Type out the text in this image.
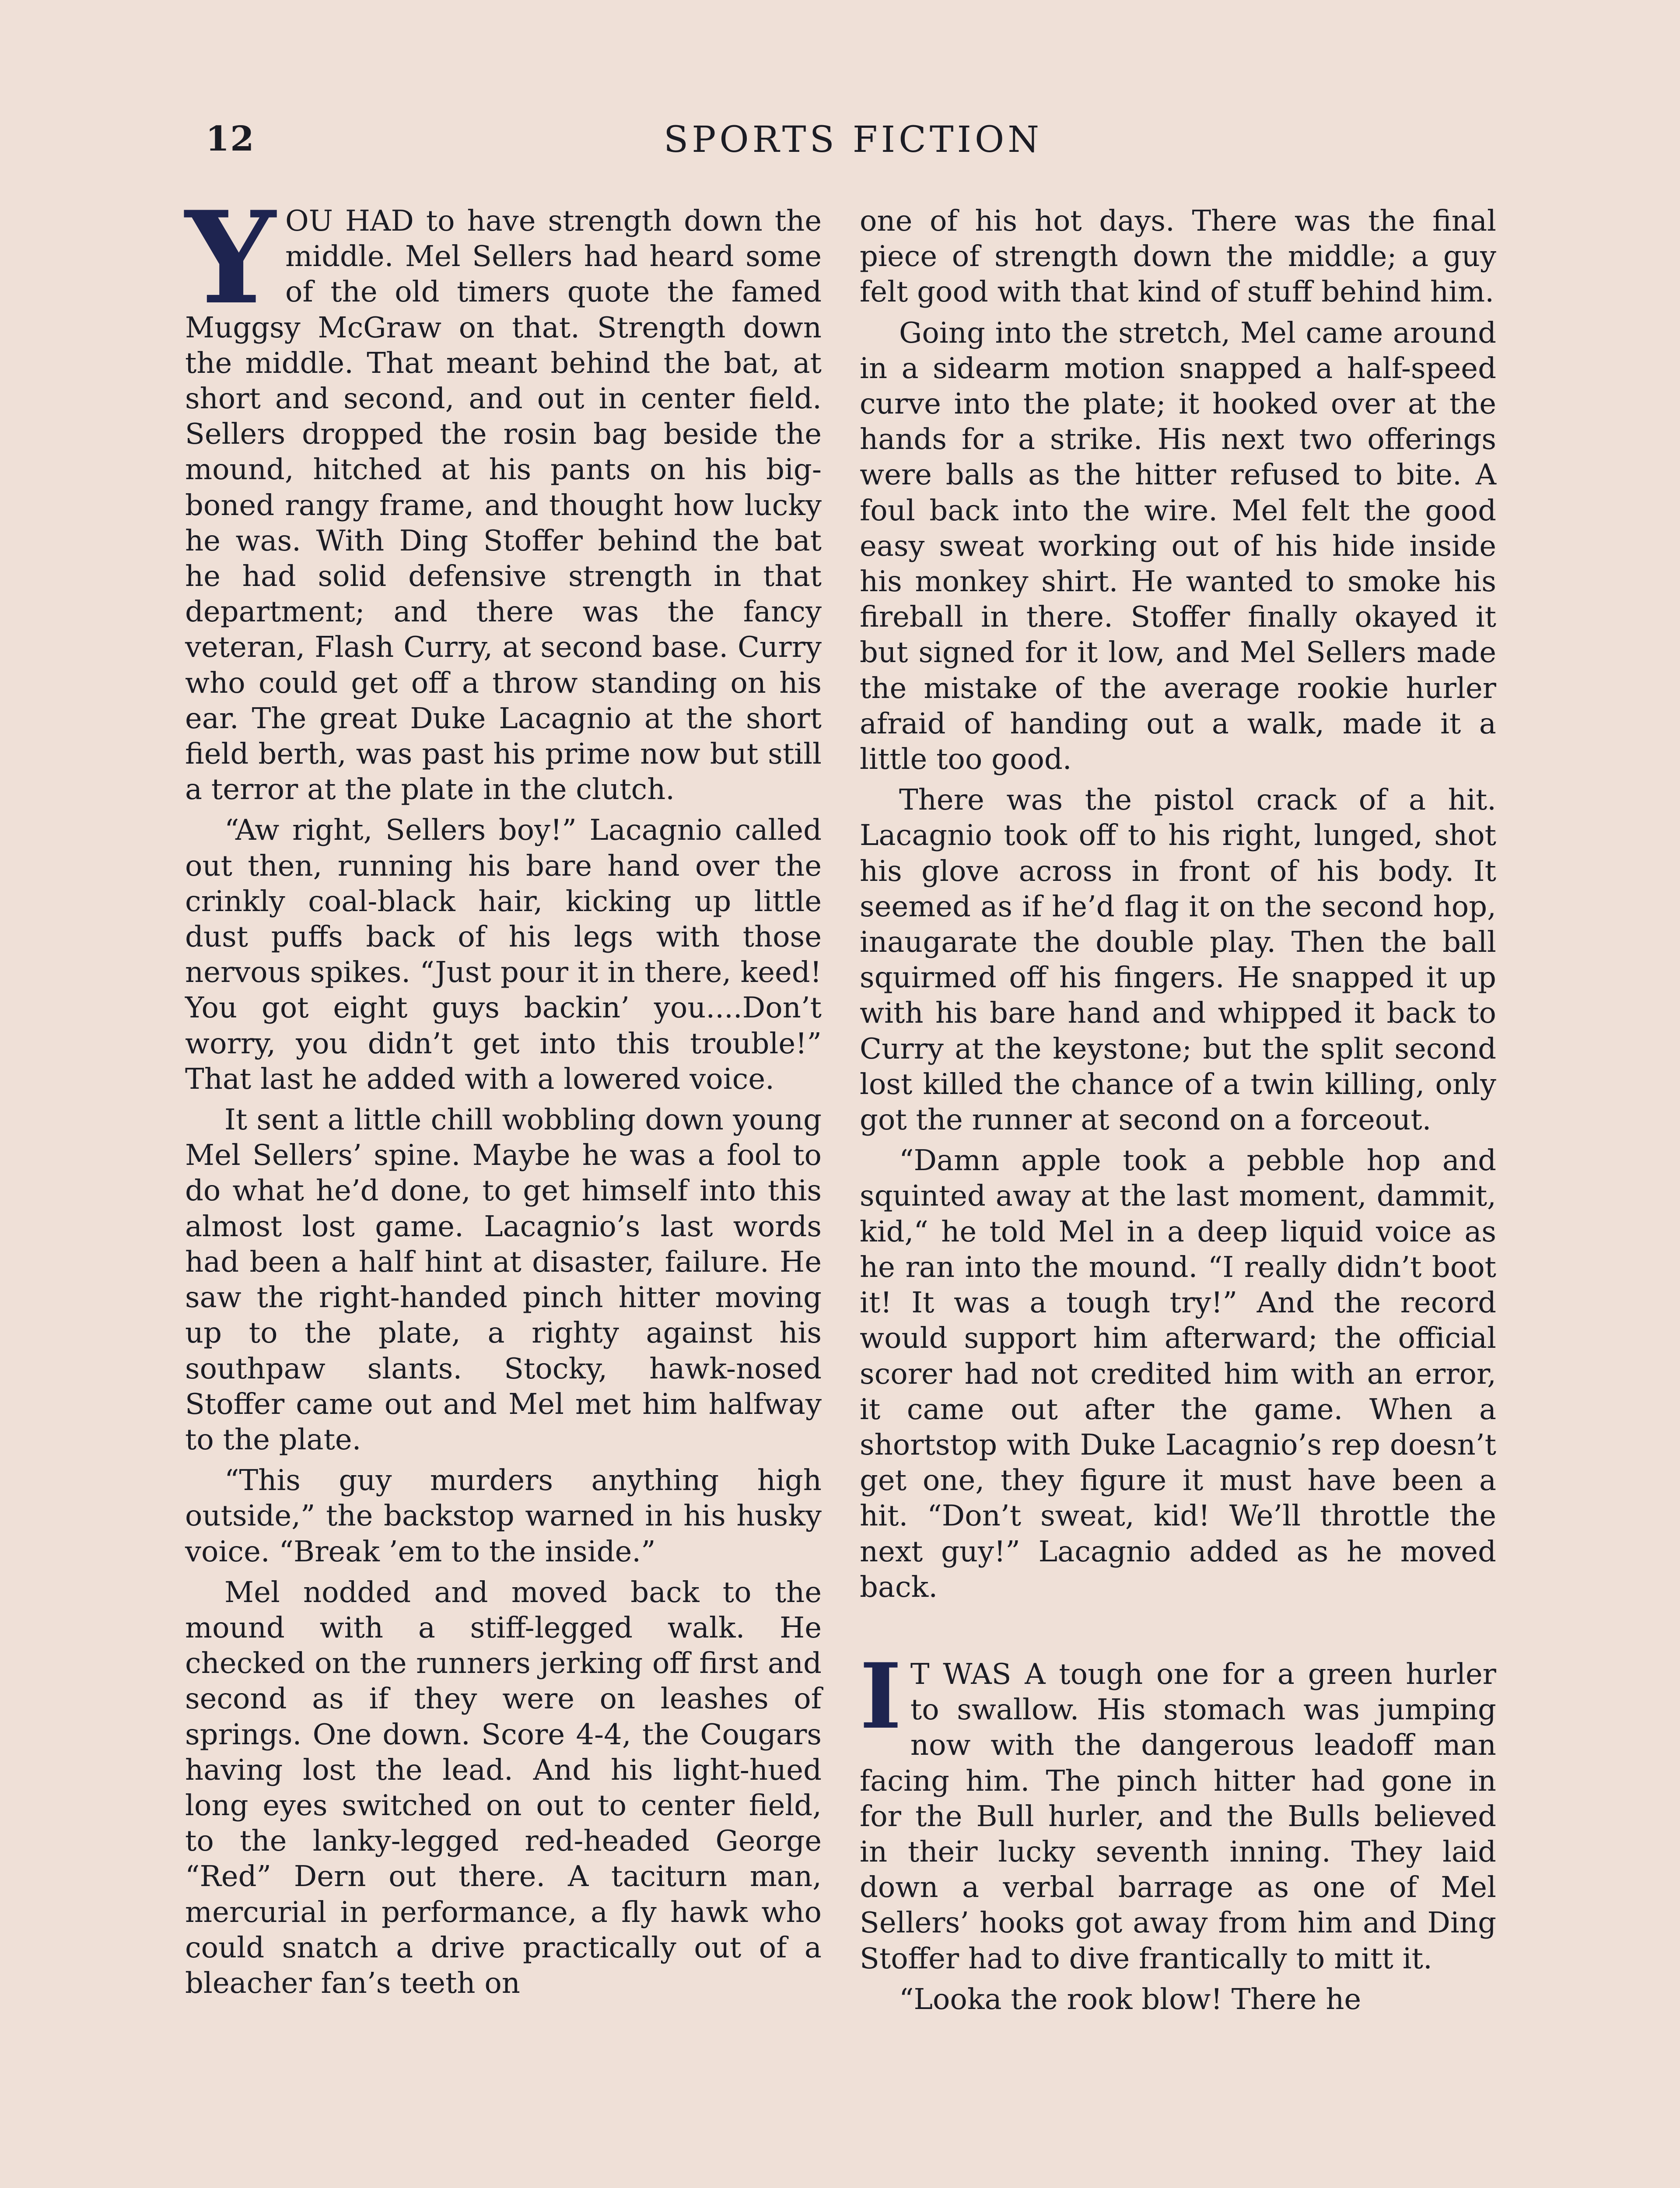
12	SPORTS FICTION

YOU HAD to have strength down the middle. Mel Sellers had heard some of the old timers quote the famed Muggsy McGraw on that. Strength down the middle. That meant behind the bat, at short and second, and out in center field. Sellers dropped the rosin bag beside the mound, hitched at his pants on his big-boned rangy frame, and thought how lucky he was. With Ding Stoffer behind the bat he had solid defensive strength in that department; and there was the fancy veteran, Flash Curry, at second base. Curry who could get off a throw standing on his ear. The great Duke Lacagnio at the short field berth, was past his prime now but still a terror at the plate in the clutch.

“Aw right, Sellers boy!” Lacagnio called out then, running his bare hand over the crinkly coal-black hair, kicking up little dust puffs back of his legs with those nervous spikes. “Just pour it in there, keed! You got eight guys backin’ you....Don’t worry, you didn’t get into this trouble!” That last he added with a lowered voice.

It sent a little chill wobbling down young Mel Sellers’ spine. Maybe he was a fool to do what he’d done, to get himself into this almost lost game. Lacagnio’s last words had been a half hint at disaster, failure. He saw the right-handed pinch hitter moving up to the plate, a righty against his southpaw slants. Stocky, hawk-nosed Stoffer came out and Mel met him halfway to the plate.

“This guy murders anything high outside,” the backstop warned in his husky voice. “Break ’em to the inside.”

Mel nodded and moved back to the mound with a stiff-legged walk. He checked on the runners jerking off first and second as if they were on leashes of springs. One down. Score 4-4, the Cougars having lost the lead. And his light-hued long eyes switched on out to center field, to the lanky-legged red-headed George “Red” Dern out there. A taciturn man, mercurial in performance, a fly hawk who could snatch a drive practically out of a bleacher fan’s teeth on

one of his hot days. There was the final piece of strength down the middle; a guy felt good with that kind of stuff behind him.

Going into the stretch, Mel came around in a sidearm motion snapped a half-speed curve into the plate; it hooked over at the hands for a strike. His next two offerings were balls as the hitter refused to bite. A foul back into the wire. Mel felt the good easy sweat working out of his hide inside his monkey shirt. He wanted to smoke his fireball in there. Stoffer finally okayed it but signed for it low, and Mel Sellers made the mistake of the average rookie hurler afraid of handing out a walk, made it a little too good.

There was the pistol crack of a hit. Lacagnio took off to his right, lunged, shot his glove across in front of his body. It seemed as if he’d flag it on the second hop, inaugarate the double play. Then the ball squirmed off his fingers. He snapped it up with his bare hand and whipped it back to Curry at the keystone; but the split second lost killed the chance of a twin killing, only got the runner at second on a forceout.

“Damn apple took a pebble hop and squinted away at the last moment, dammit, kid,“ he told Mel in a deep liquid voice as he ran into the mound. “I really didn’t boot it! It was a tough try!” And the record would support him afterward; the official scorer had not credited him with an error, it came out after the game. When a shortstop with Duke Lacagnio’s rep doesn’t get one, they figure it must have been a hit. “Don’t sweat, kid! We’ll throttle the next guy!” Lacagnio added as he moved back.

I T WAS A tough one for a green hurler to swallow. His stomach was jumping now with the dangerous leadoff man facing him. The pinch hitter had gone in for the Bull hurler, and the Bulls believed in their lucky seventh inning. They laid down a verbal barrage as one of Mel Sellers’ hooks got away from him and Ding Stoffer had to dive frantically to mitt it.

“Looka the rook blow! There he
